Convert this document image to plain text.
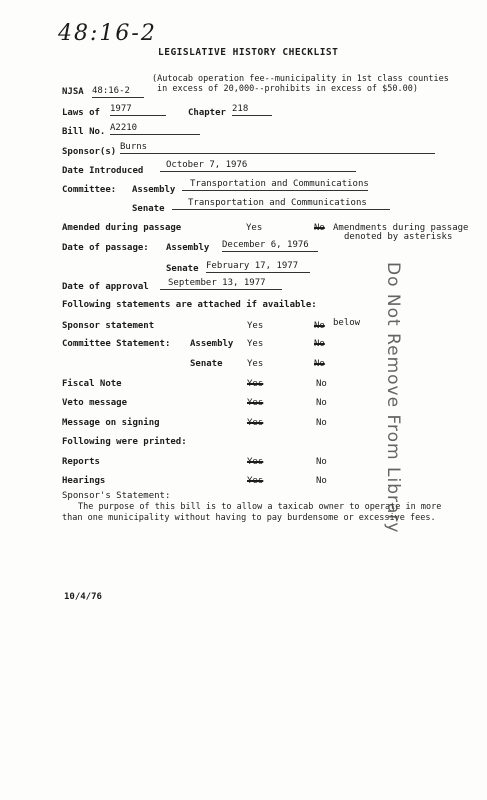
48:16-2
LEGISLATIVE HISTORY CHECKLIST
NJSA 48:16-2
(Autocab operation fee--municipality in 1st class counties
in excess of 20,000--prohibits in excess of $50.00)
Laws of 1977	Chapter 218
Bill No. A2210
Sponsor(s) Burns
Date Introduced
October 7, 1976
Committee: Assembly
Transportation and Communications
Senate
Transportation and Communications
Amended during passage	Yes	No Amendments during passage
denoted by asterisks
Date of passage: Assembly December 6, 1976
Senate February 17, 1977
Date of approval	September 13, 1977
Following statements are attached if available:
Sponsor statement	Yes	No below
Committee Statement: Assembly Yes	No
Senate	Yes	No
Fiscal Note	Yes	No
Veto message	Yes	No
Message on signing	Yes	No
Following were printed:
Reports	Yes	No
Hearings	Yes	No
Sponsor's Statement:
The purpose of this bill is to allow a taxicab owner to operate in more
than one municipality without having to pay burdensome or excessive fees.
Do Not Remove From Library
10/4/76
